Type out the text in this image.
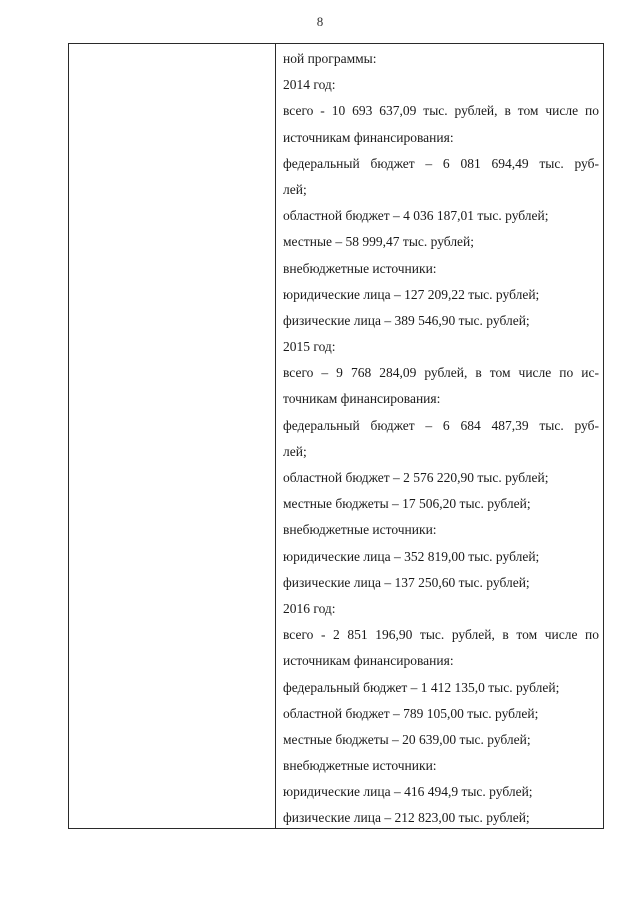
8
ной программы:
2014 год:
всего - 10 693 637,09 тыс. рублей, в том числе по
источникам финансирования:
федеральный бюджет – 6 081 694,49 тыс. руб-
лей;
областной бюджет – 4 036 187,01 тыс. рублей;
местные – 58 999,47 тыс. рублей;
внебюджетные источники:
юридические лица – 127 209,22 тыс. рублей;
физические лица – 389 546,90 тыс. рублей;
2015 год:
всего – 9 768 284,09 рублей, в том числе по ис-
точникам финансирования:
федеральный бюджет – 6 684 487,39 тыс. руб-
лей;
областной бюджет – 2 576 220,90 тыс. рублей;
местные бюджеты – 17 506,20 тыс. рублей;
внебюджетные источники:
юридические лица – 352 819,00 тыс. рублей;
физические лица – 137 250,60 тыс. рублей;
2016 год:
всего - 2 851 196,90 тыс. рублей, в том числе по
источникам финансирования:
федеральный бюджет – 1 412 135,0 тыс. рублей;
областной бюджет – 789 105,00 тыс. рублей;
местные бюджеты – 20 639,00 тыс. рублей;
внебюджетные источники:
юридические лица – 416 494,9 тыс. рублей;
физические лица – 212 823,00 тыс. рублей;
